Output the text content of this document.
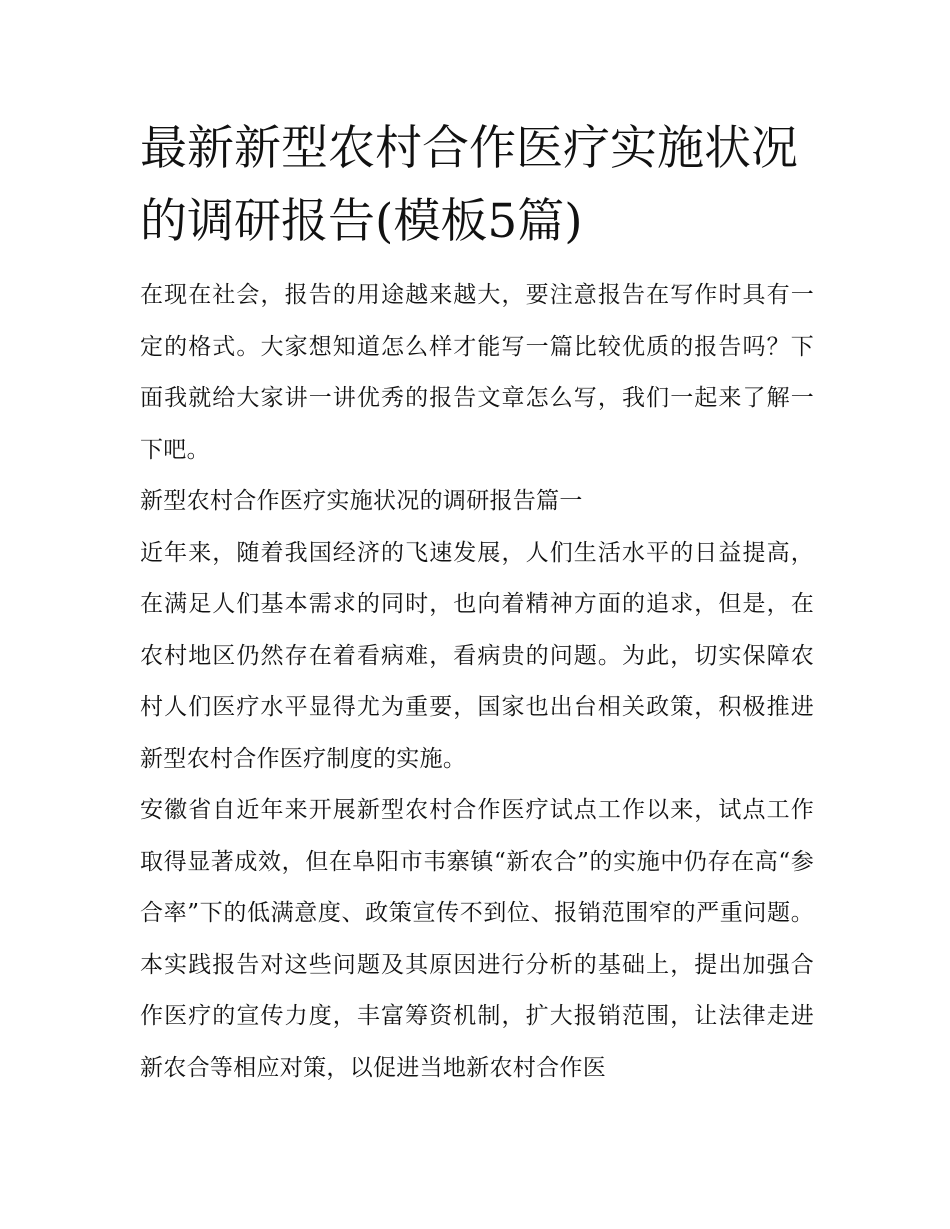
最新新型农村合作医疗实施状况的调研报告(模板5篇)

在现在社会，报告的用途越来越大，要注意报告在写作时具有一定的格式。大家想知道怎么样才能写一篇比较优质的报告吗？下面我就给大家讲一讲优秀的报告文章怎么写，我们一起来了解一下吧。

新型农村合作医疗实施状况的调研报告篇一

近年来，随着我国经济的飞速发展，人们生活水平的日益提高，在满足人们基本需求的同时，也向着精神方面的追求，但是，在农村地区仍然存在着看病难，看病贵的问题。为此，切实保障农村人们医疗水平显得尤为重要，国家也出台相关政策，积极推进新型农村合作医疗制度的实施。

安徽省自近年来开展新型农村合作医疗试点工作以来，试点工作取得显著成效，但在阜阳市韦寨镇“新农合”的实施中仍存在高“参合率”下的低满意度、政策宣传不到位、报销范围窄的严重问题。本实践报告对这些问题及其原因进行分析的基础上，提出加强合作医疗的宣传力度，丰富筹资机制，扩大报销范围，让法律走进新农合等相应对策，以促进当地新农村合作医
